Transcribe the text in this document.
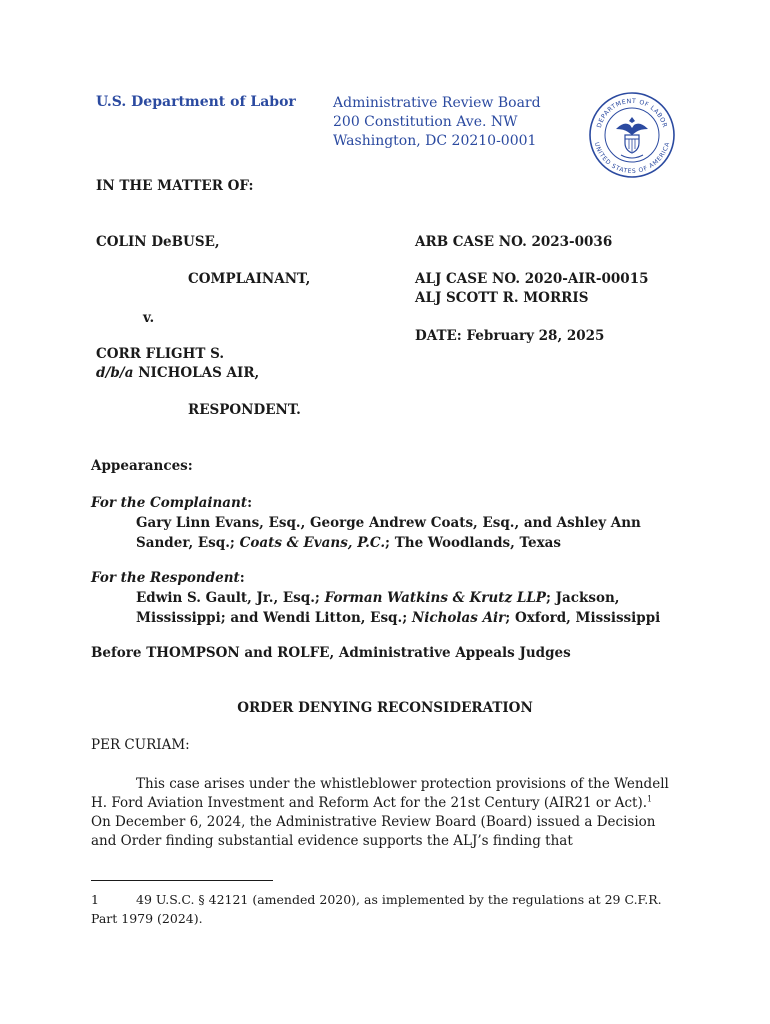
U.S. Department of Labor	Administrative Review Board
200 Constitution Ave. NW
Washington, DC 20210-0001
DEPARTMENT OF LABOR
UNITED STATES OF AMERICA
IN THE MATTER OF:
COLIN DeBUSE,
COMPLAINANT,
v.
CORR FLIGHT S.
d/b/a NICHOLAS AIR,
RESPONDENT.
ARB CASE NO. 2023-0036
ALJ CASE NO. 2020-AIR-00015
ALJ SCOTT R. MORRIS
DATE: February 28, 2025
Appearances:
For the Complainant:
Gary Linn Evans, Esq., George Andrew Coats, Esq., and Ashley Ann
Sander, Esq.; Coats & Evans, P.C.; The Woodlands, Texas
For the Respondent:
Edwin S. Gault, Jr., Esq.; Forman Watkins & Krutz LLP; Jackson,
Mississippi; and Wendi Litton, Esq.; Nicholas Air; Oxford, Mississippi
Before THOMPSON and ROLFE, Administrative Appeals Judges
ORDER DENYING RECONSIDERATION
PER CURIAM:
This case arises under the whistleblower protection provisions of the Wendell
H. Ford Aviation Investment and Reform Act for the 21st Century (AIR21 or Act).$^1$
On December 6, 2024, the Administrative Review Board (Board) issued a Decision
and Order finding substantial evidence supports the ALJ’s finding that
1	49 U.S.C. § 42121 (amended 2020), as implemented by the regulations at 29 C.F.R.
Part 1979 (2024).
